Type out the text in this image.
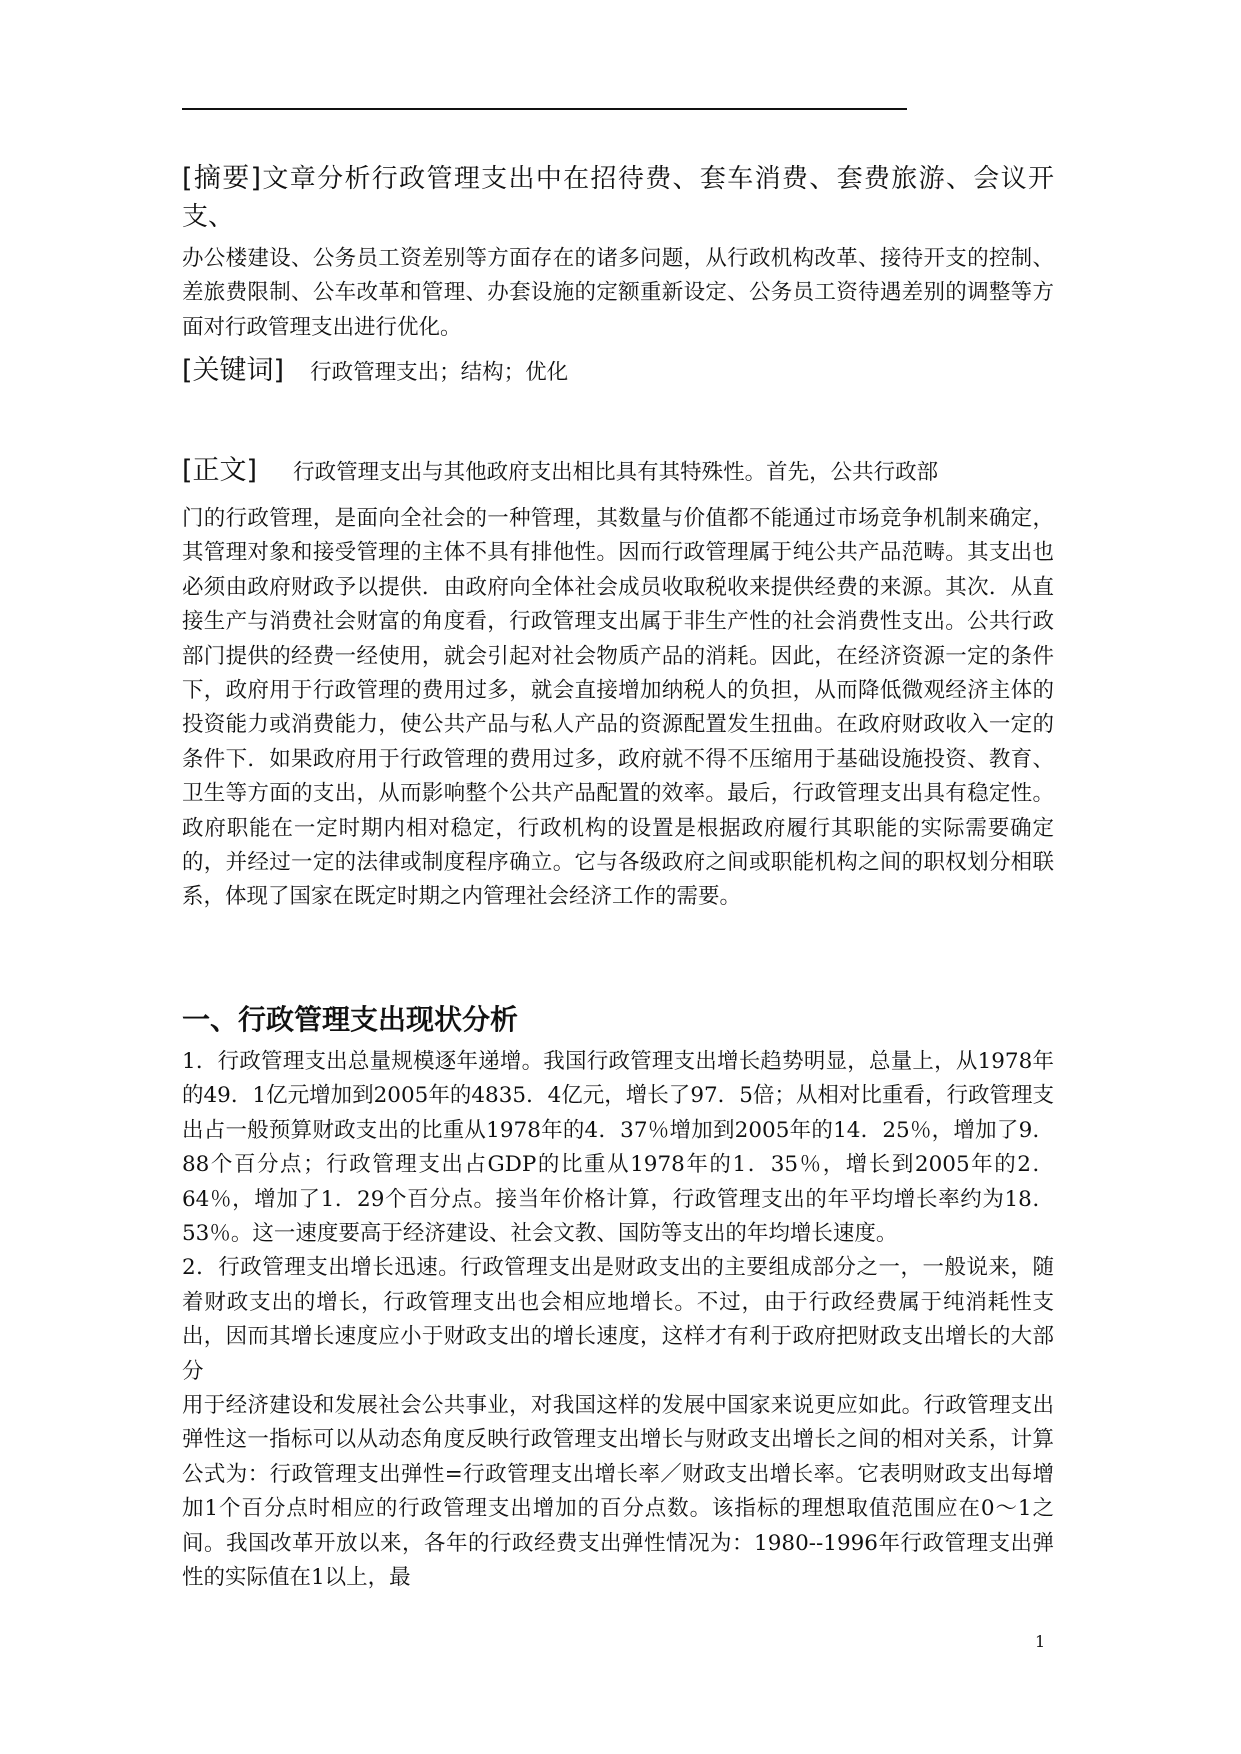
[摘要]文章分析行政管理支出中在招待费、套车消费、套费旅游、会议开支、
办公楼建设、公务员工资差别等方面存在的诸多问题，从行政机构改革、接待开支的控制、差旅费限制、公车改革和管理、办套设施的定额重新设定、公务员工资待遇差别的调整等方面对行政管理支出进行优化。
[关键词] 行政管理支出；结构；优化
[正文] 行政管理支出与其他政府支出相比具有其特殊性。首先，公共行政部
门的行政管理，是面向全社会的一种管理，其数量与价值都不能通过市场竞争机制来确定，其管理对象和接受管理的主体不具有排他性。因而行政管理属于纯公共产品范畴。其支出也必须由政府财政予以提供．由政府向全体社会成员收取税收来提供经费的来源。其次．从直接生产与消费社会财富的角度看，行政管理支出属于非生产性的社会消费性支出。公共行政部门提供的经费一经使用，就会引起对社会物质产品的消耗。因此，在经济资源一定的条件下，政府用于行政管理的费用过多，就会直接增加纳税人的负担，从而降低微观经济主体的投资能力或消费能力，使公共产品与私人产品的资源配置发生扭曲。在政府财政收入一定的条件下．如果政府用于行政管理的费用过多，政府就不得不压缩用于基础设施投资、教育、卫生等方面的支出，从而影响整个公共产品配置的效率。最后，行政管理支出具有稳定性。政府职能在一定时期内相对稳定，行政机构的设置是根据政府履行其职能的实际需要确定的，并经过一定的法律或制度程序确立。它与各级政府之间或职能机构之间的职权划分相联系，体现了国家在既定时期之内管理社会经济工作的需要。
一、行政管理支出现状分析

1．行政管理支出总量规模逐年递增。我国行政管理支出增长趋势明显，总量上，从1978年的49．1亿元增加到2005年的4835．4亿元，增长了97．5倍；从相对比重看，行政管理支出占一般预算财政支出的比重从1978年的4．37％增加到2005年的14．25％，增加了9．88个百分点；行政管理支出占GDP的比重从1978年的1．35％，增长到2005年的2．64％，增加了1．29个百分点。接当年价格计算，行政管理支出的年平均增长率约为18．53％。这一速度要高于经济建设、社会文教、国防等支出的年均增长速度。

2．行政管理支出增长迅速。行政管理支出是财政支出的主要组成部分之一，一般说来，随着财政支出的增长，行政管理支出也会相应地增长。不过，由于行政经费属于纯消耗性支出，因而其增长速度应小于财政支出的增长速度，这样才有利于政府把财政支出增长的大部分

用于经济建设和发展社会公共事业，对我国这样的发展中国家来说更应如此。行政管理支出弹性这一指标可以从动态角度反映行政管理支出增长与财政支出增长之间的相对关系，计算公式为：行政管理支出弹性=行政管理支出增长率／财政支出增长率。它表明财政支出每增加1个百分点时相应的行政管理支出增加的百分点数。该指标的理想取值范围应在0～1之间。我国改革开放以来，各年的行政经费支出弹性情况为：1980--1996年行政管理支出弹性的实际值在1以上，最

1
